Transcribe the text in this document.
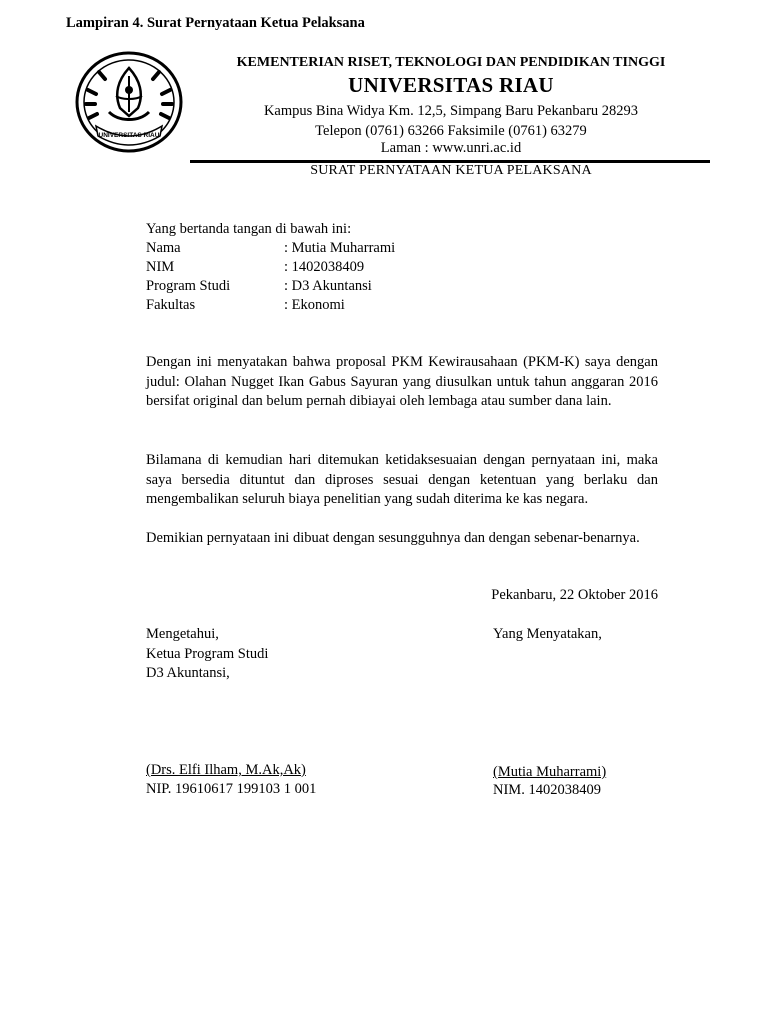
Lampiran 4. Surat Pernyataan Ketua Pelaksana
UNIVERSITAS RIAU
KEMENTERIAN RISET, TEKNOLOGI DAN PENDIDIKAN TINGGI
UNIVERSITAS RIAU
Kampus Bina Widya Km. 12,5, Simpang Baru Pekanbaru 28293
Telepon (0761) 63266 Faksimile (0761) 63279
Laman : www.unri.ac.id
SURAT PERNYATAAN KETUA PELAKSANA
Yang bertanda tangan di bawah ini:
Nama	: Mutia Muharrami
NIM	: 1402038409
Program Studi	: D3 Akuntansi
Fakultas	: Ekonomi
Dengan ini menyatakan bahwa proposal PKM Kewirausahaan (PKM-K) saya dengan judul: Olahan Nugget Ikan Gabus Sayuran yang diusulkan untuk tahun anggaran 2016 bersifat original dan belum pernah dibiayai oleh lembaga atau sumber dana lain.
Bilamana di kemudian hari ditemukan ketidaksesuaian dengan pernyataan ini, maka saya bersedia dituntut dan diproses sesuai dengan ketentuan yang berlaku dan mengembalikan seluruh biaya penelitian yang sudah diterima ke kas negara.
Demikian pernyataan ini dibuat dengan sesungguhnya dan dengan sebenar-benarnya.
Pekanbaru, 22 Oktober 2016
Mengetahui,
Ketua Program Studi
D3 Akuntansi,
(Drs. Elfi Ilham, M.Ak,Ak)
NIP. 19610617 199103 1 001
Yang Menyatakan,
(Mutia Muharrami)
NIM. 1402038409
